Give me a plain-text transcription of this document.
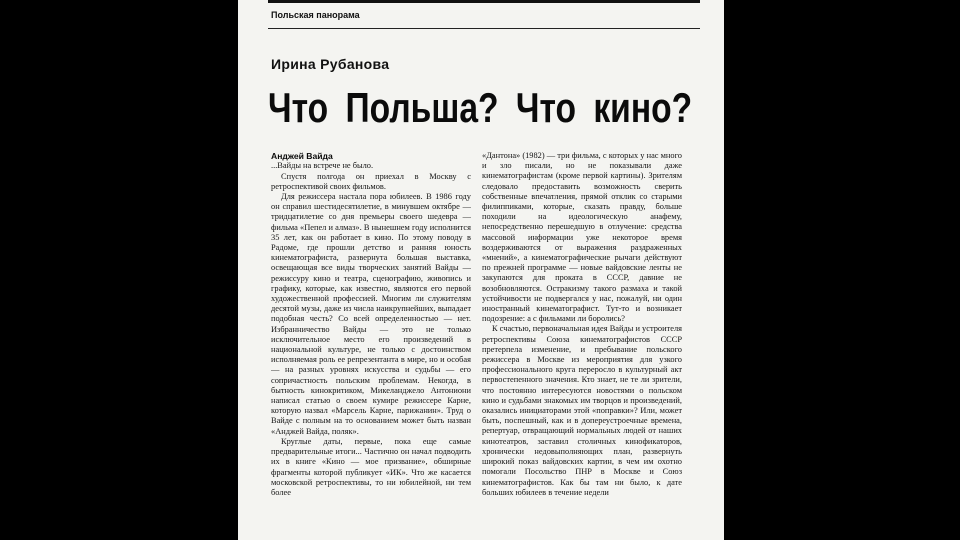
Польская панорама
Ирина Рубанова
Что Польша? Что кино?
Анджей Вайда

...Вайды на встрече не было.

Спустя полгода он приехал в Москву с ретроспективой своих фильмов.

Для режиссера настала пора юбилеев. В 1986 году он справил шестидесятилетие, в минувшем октябре — тридцатилетие со дня премьеры своего шедевра — фильма «Пепел и алмаз». В нынешнем году исполнится 35 лет, как он работает в кино. По этому поводу в Радоме, где прошли детство и ранняя юность кинематографиста, развернута большая выставка, освещающая все виды творческих занятий Вайды — режиссуру кино и театра, сценографию, живопись и графику, которые, как известно, являются его первой художественной профессией. Многим ли служителям десятой музы, даже из числа наикрупнейших, выпадает подобная честь? Со всей определенностью — нет. Избранничество Вайды — это не только исключительное место его произведений в национальной культуре, не только с достоинством исполняемая роль ее репрезентанта в мире, но и особая — на разных уровнях искусства и судьбы — его сопричастность польским проблемам. Некогда, в бытность кинокритиком, Микеланджело Антониони написал статью о своем кумире режиссере Карне, которую назвал «Марсель Карне, парижанин». Труд о Вайде с полным на то основанием может быть назван «Анджей Вайда, поляк».

Круглые даты, первые, пока еще самые предварительные итоги... Частично он начал подводить их в книге «Кино — мое призвание», обширные фрагменты которой публикует «ИК». Что же касается московской ретроспективы, то ни юбилейной, ни тем более

«Дантона» (1982) — три фильма, с которых у нас много и зло писали, но не показывали даже кинематографистам (кроме первой картины). Зрителям следовало предоставить возможность сверить собственные впечатления, прямой отклик со старыми филиппиками, которые, сказать правду, больше походили на идеологическую анафему, непосредственно перешедшую в отлучение: средства массовой информации уже некоторое время воздерживаются от выражения раздраженных «мнений», а кинематографические рычаги действуют по прежней программе — новые вайдовские ленты не закупаются для проката в СССР, давние не возобновляются. Остракизму такого размаха и такой устойчивости не подвергался у нас, пожалуй, ни один иностранный кинематографист. Тут-то и возникает подозрение: а с фильмами ли боролись?

К счастью, первоначальная идея Вайды и устроителя ретроспективы Союза кинематографистов СССР претерпела изменение, и пребывание польского режиссера в Москве из мероприятия для узкого профессионального круга переросло в культурный акт первостепенного значения. Кто знает, не те ли зрители, что постоянно интересуются новостями о польском кино и судьбами знакомых им творцов и произведений, оказались инициаторами этой «поправки»? Или, может быть, поспешный, как и в допереустроечные времена, репертуар, отвращающий нормальных людей от наших кинотеатров, заставил столичных кинофикаторов, хронически недовыполняющих план, развернуть широкий показ вайдовских картин, в чем им охотно помогали Посольство ПНР в Москве и Союз кинематографистов. Как бы там ни было, к дате больших юбилеев в течение недели
